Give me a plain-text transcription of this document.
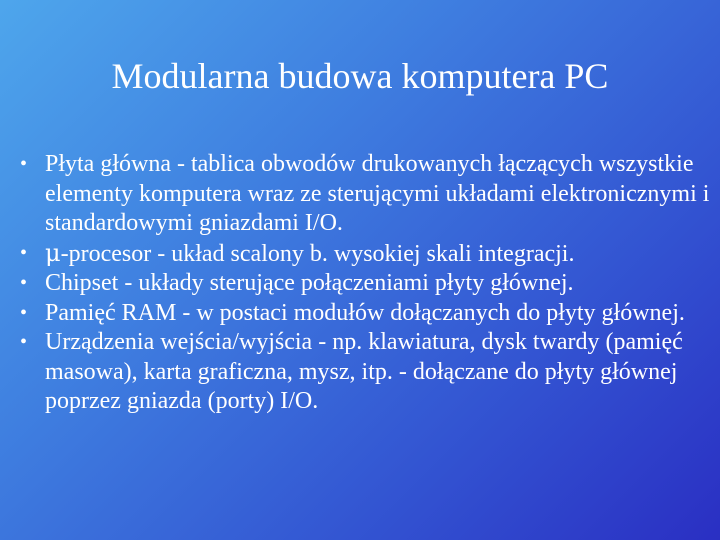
Modularna budowa komputera PC
• Płyta główna - tablica obwodów drukowanych łączących wszystkie elementy komputera wraz ze sterującymi układami elektronicznymi i standardowymi gniazdami I/O.
• μ-procesor - układ scalony b. wysokiej skali integracji.
• Chipset - układy sterujące połączeniami płyty głównej.
• Pamięć RAM - w postaci modułów dołączanych do płyty głównej.
• Urządzenia wejścia/wyjścia - np. klawiatura, dysk twardy (pamięć masowa), karta graficzna, mysz, itp. - dołączane do płyty głównej poprzez gniazda (porty) I/O.
